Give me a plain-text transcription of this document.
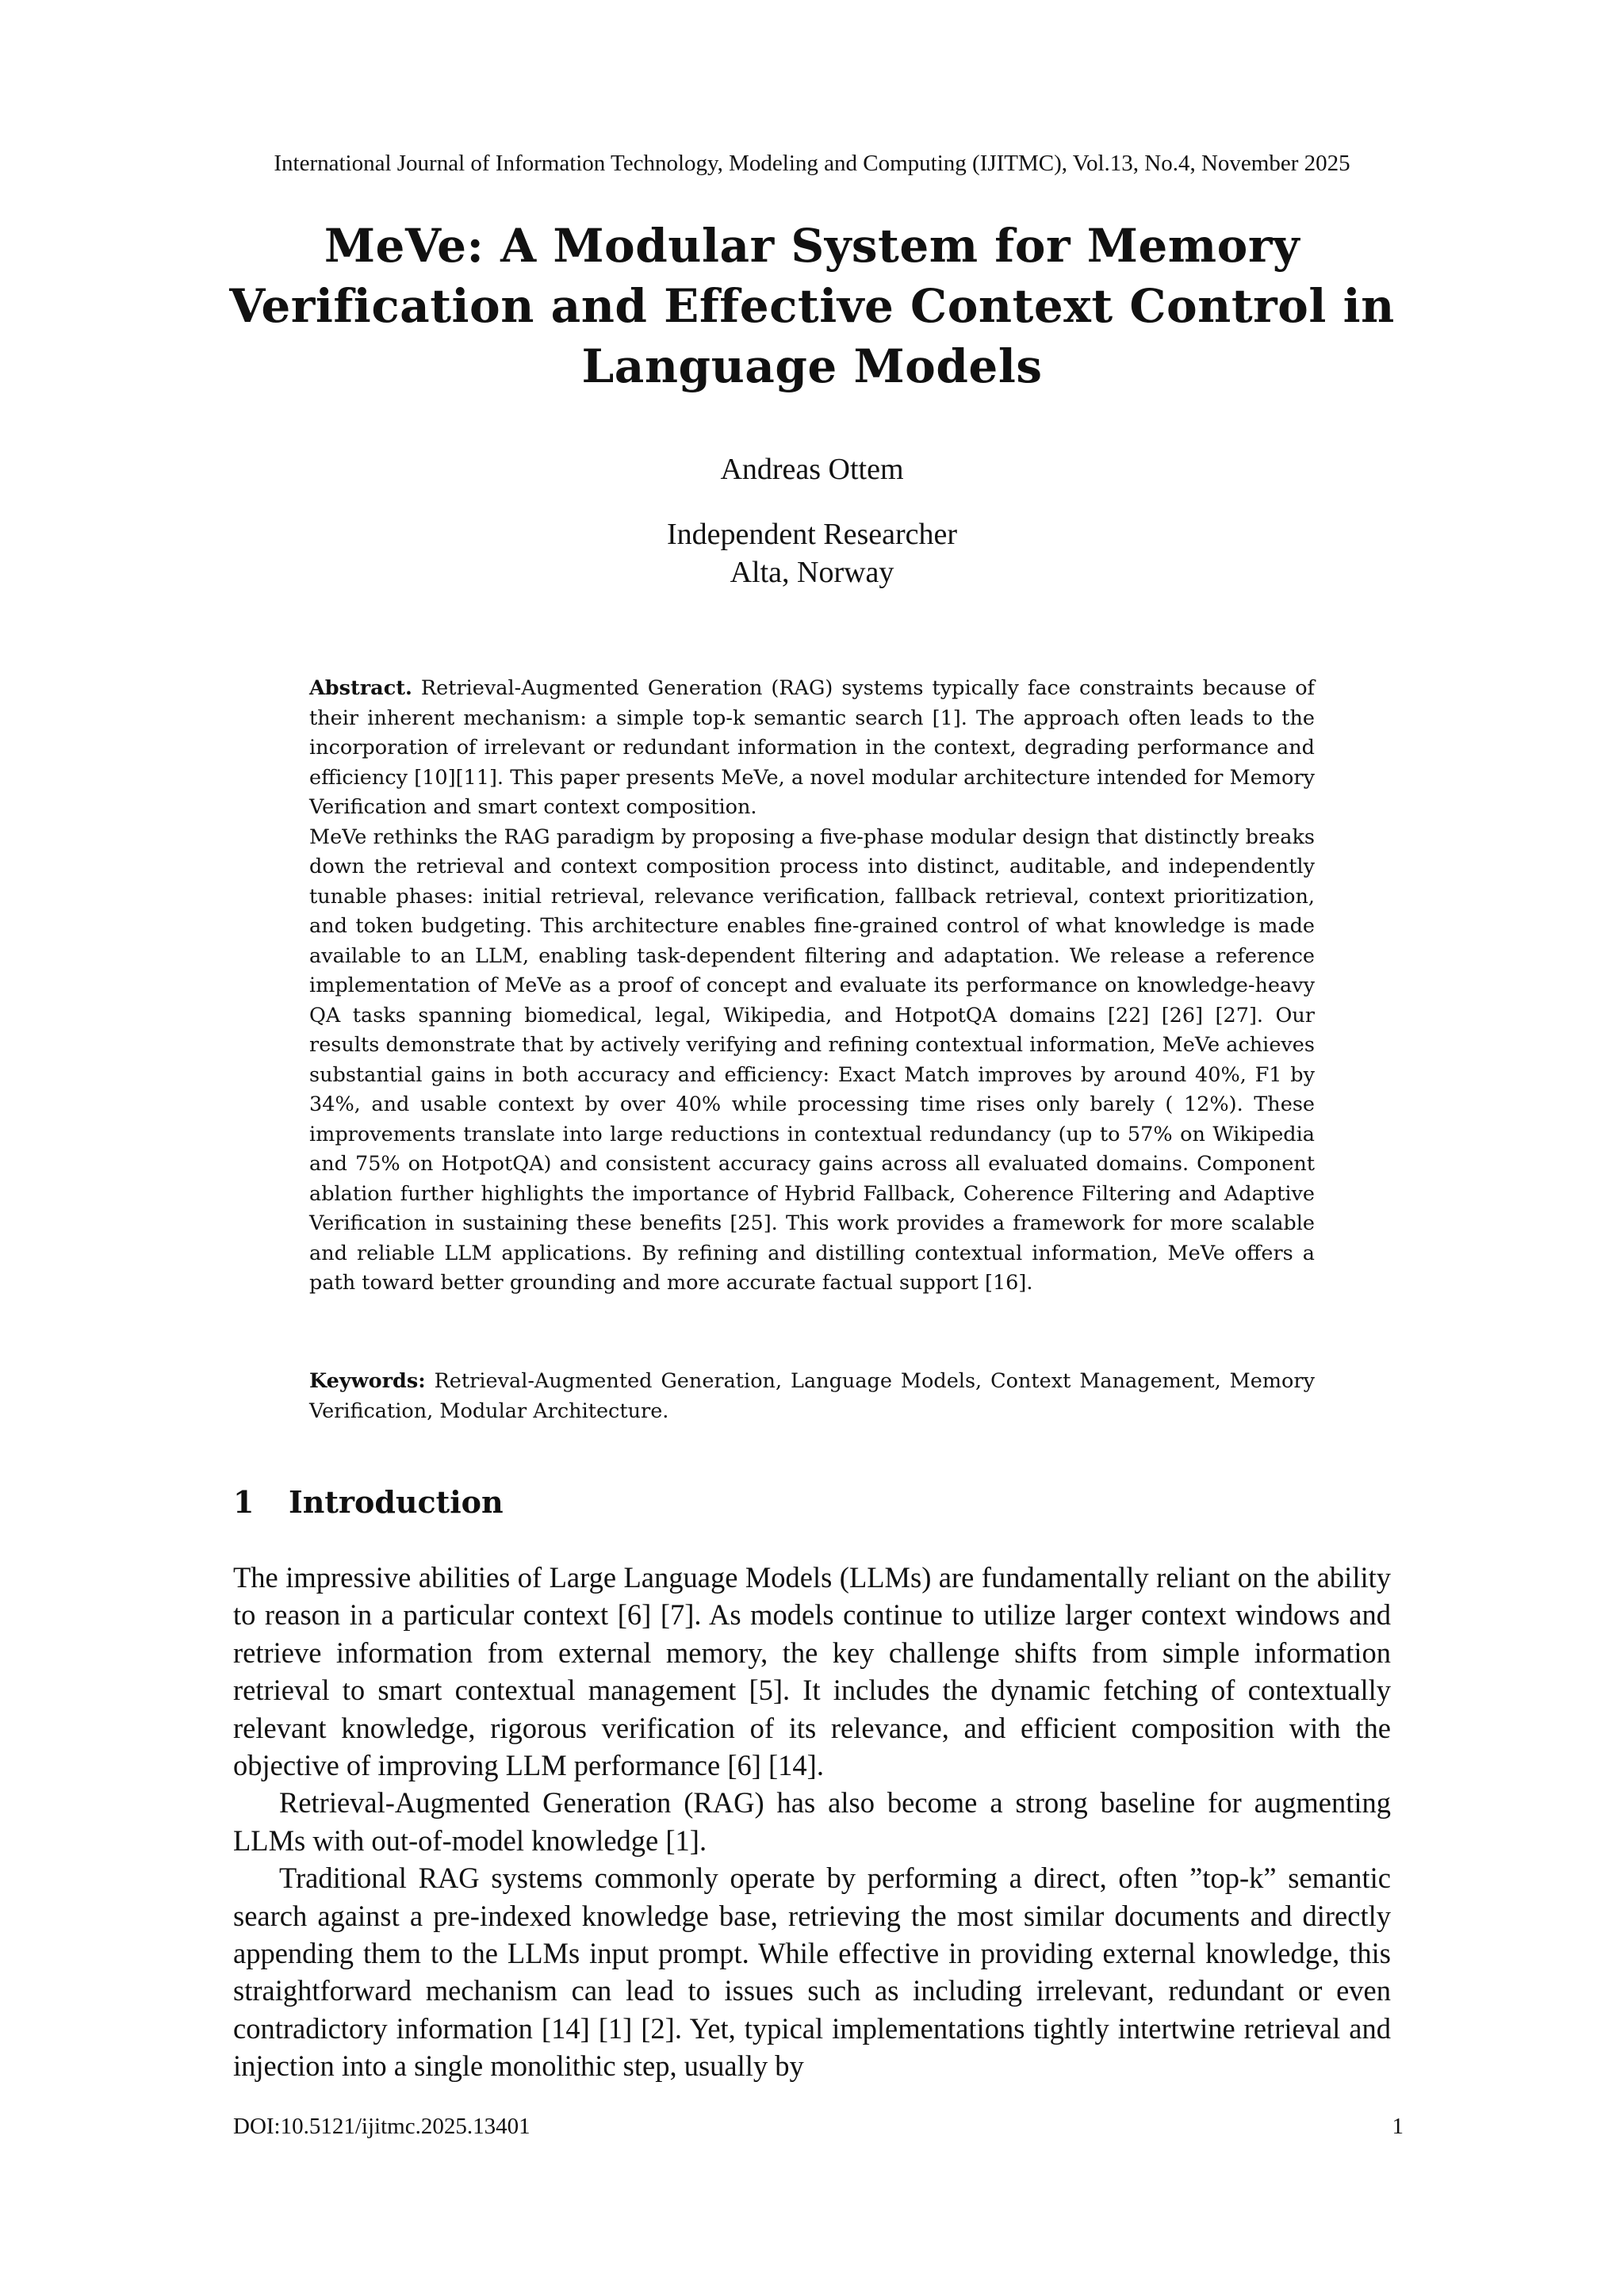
International Journal of Information Technology, Modeling and Computing (IJITMC), Vol.13, No.4, November 2025
MeVe: A Modular System for Memory
Verification and Effective Context Control in
Language Models
Andreas Ottem
Independent Researcher
Alta, Norway

Abstract. Retrieval-Augmented Generation (RAG) systems typically face constraints because of their inherent mechanism: a simple top-k semantic search [1]. The approach often leads to the incorporation of irrelevant or redundant information in the context, degrading performance and efficiency [10][11]. This paper presents MeVe, a novel modular architecture intended for Memory Verification and smart context composition.

MeVe rethinks the RAG paradigm by proposing a five-phase modular design that distinctly breaks down the retrieval and context composition process into distinct, auditable, and independently tunable phases: initial retrieval, relevance verification, fallback retrieval, context prioritization, and token budgeting. This architecture enables fine-grained control of what knowledge is made available to an LLM, enabling task-dependent filtering and adaptation. We release a reference implementation of MeVe as a proof of concept and evaluate its performance on knowledge-heavy QA tasks spanning biomedical, legal, Wikipedia, and HotpotQA domains [22] [26] [27]. Our results demonstrate that by actively verifying and refining contextual information, MeVe achieves substantial gains in both accuracy and efficiency: Exact Match improves by around 40%, F1 by 34%, and usable context by over 40% while processing time rises only barely ( 12%). These improvements translate into large reductions in contextual redundancy (up to 57% on Wikipedia and 75% on HotpotQA) and consistent accuracy gains across all evaluated domains. Component ablation further highlights the importance of Hybrid Fallback, Coherence Filtering and Adaptive Verification in sustaining these benefits [25]. This work provides a framework for more scalable and reliable LLM applications. By refining and distilling contextual information, MeVe offers a path toward better grounding and more accurate factual support [16].

Keywords: Retrieval-Augmented Generation, Language Models, Context Management, Memory Verification, Modular Architecture.
1 Introduction

The impressive abilities of Large Language Models (LLMs) are fundamentally reliant on the ability to reason in a particular context [6] [7]. As models continue to utilize larger context windows and retrieve information from external memory, the key challenge shifts from simple information retrieval to smart contextual management [5]. It includes the dynamic fetching of contextually relevant knowledge, rigorous verification of its relevance, and efficient composition with the objective of improving LLM performance [6] [14].

Retrieval-Augmented Generation (RAG) has also become a strong baseline for augmenting LLMs with out-of-model knowledge [1].

Traditional RAG systems commonly operate by performing a direct, often ”top-k” semantic search against a pre-indexed knowledge base, retrieving the most similar documents and directly appending them to the LLMs input prompt. While effective in providing external knowledge, this straightforward mechanism can lead to issues such as including irrelevant, redundant or even contradictory information [14] [1] [2]. Yet, typical implementations tightly intertwine retrieval and injection into a single monolithic step, usually by

DOI:10.5121/ijitmc.2025.13401	1
